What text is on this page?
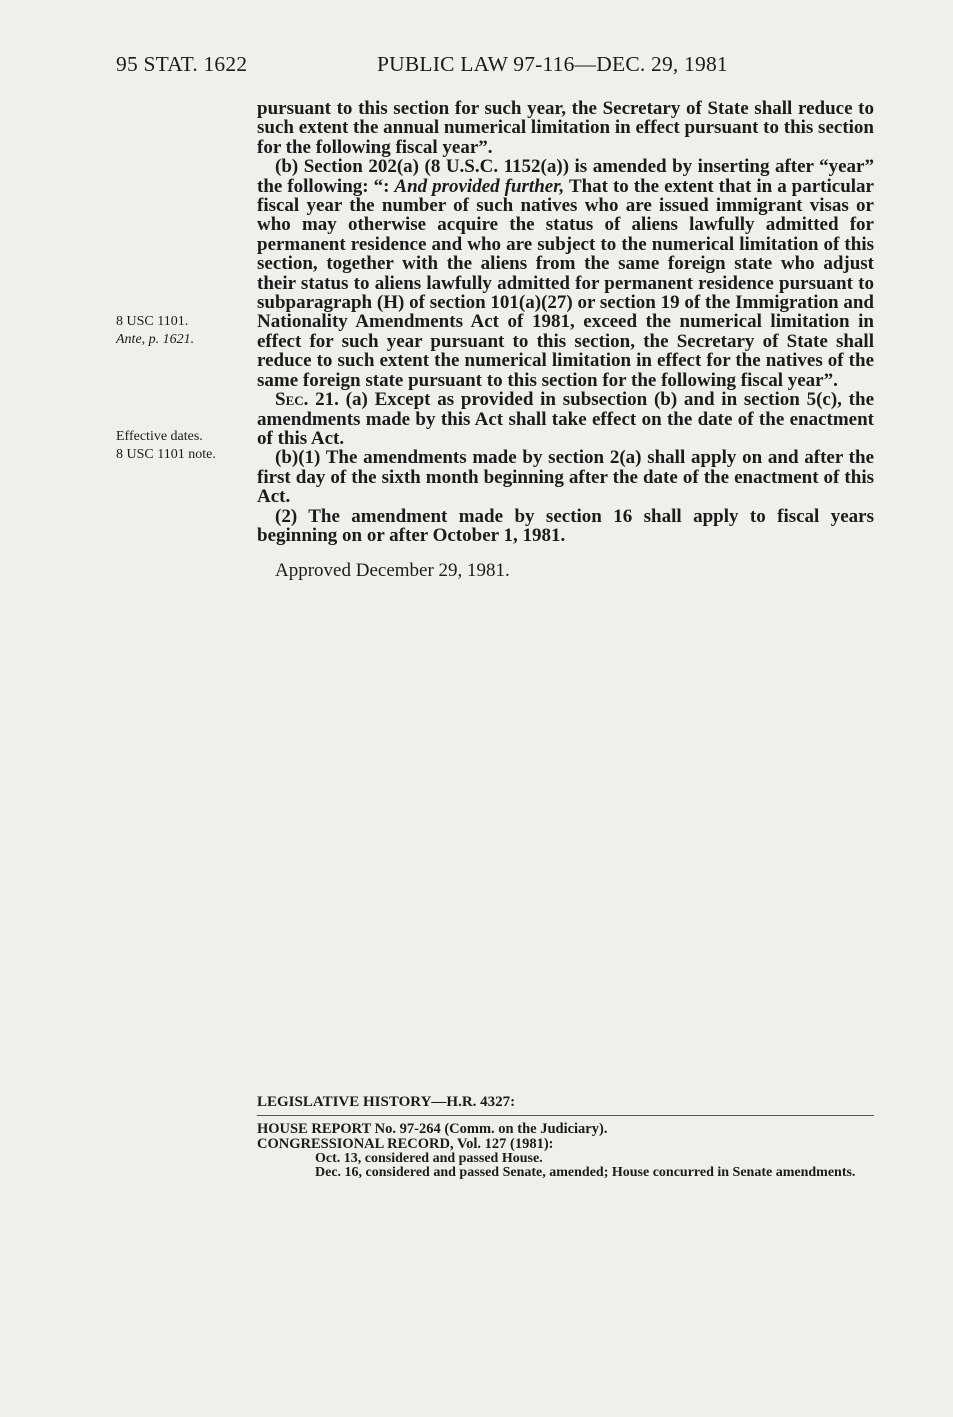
95 STAT. 1622	PUBLIC LAW 97-116—DEC. 29, 1981
8 USC 1101.
Ante, p. 1621.
Effective dates.
8 USC 1101 note.

pursuant to this section for such year, the Secretary of State shall reduce to such extent the annual numerical limitation in effect pursuant to this section for the following fiscal year”.

(b) Section 202(a) (8 U.S.C. 1152(a)) is amended by inserting after “year” the following: “: And provided further, That to the extent that in a particular fiscal year the number of such natives who are issued immigrant visas or who may otherwise acquire the status of aliens lawfully admitted for permanent residence and who are subject to the numerical limitation of this section, together with the aliens from the same foreign state who adjust their status to aliens lawfully admitted for permanent residence pursuant to subparagraph (H) of section 101(a)(27) or section 19 of the Immigration and Nationality Amendments Act of 1981, exceed the numerical limitation in effect for such year pursuant to this section, the Secretary of State shall reduce to such extent the numerical limitation in effect for the natives of the same foreign state pursuant to this section for the following fiscal year”.

Sec. 21. (a) Except as provided in subsection (b) and in section 5(c), the amendments made by this Act shall take effect on the date of the enactment of this Act.

(b)(1) The amendments made by section 2(a) shall apply on and after the first day of the sixth month beginning after the date of the enactment of this Act.

(2) The amendment made by section 16 shall apply to fiscal years beginning on or after October 1, 1981.

Approved December 29, 1981.

LEGISLATIVE HISTORY—H.R. 4327:
HOUSE REPORT No. 97-264 (Comm. on the Judiciary).
CONGRESSIONAL RECORD, Vol. 127 (1981):
Oct. 13, considered and passed House.
Dec. 16, considered and passed Senate, amended; House concurred in Senate amendments.
